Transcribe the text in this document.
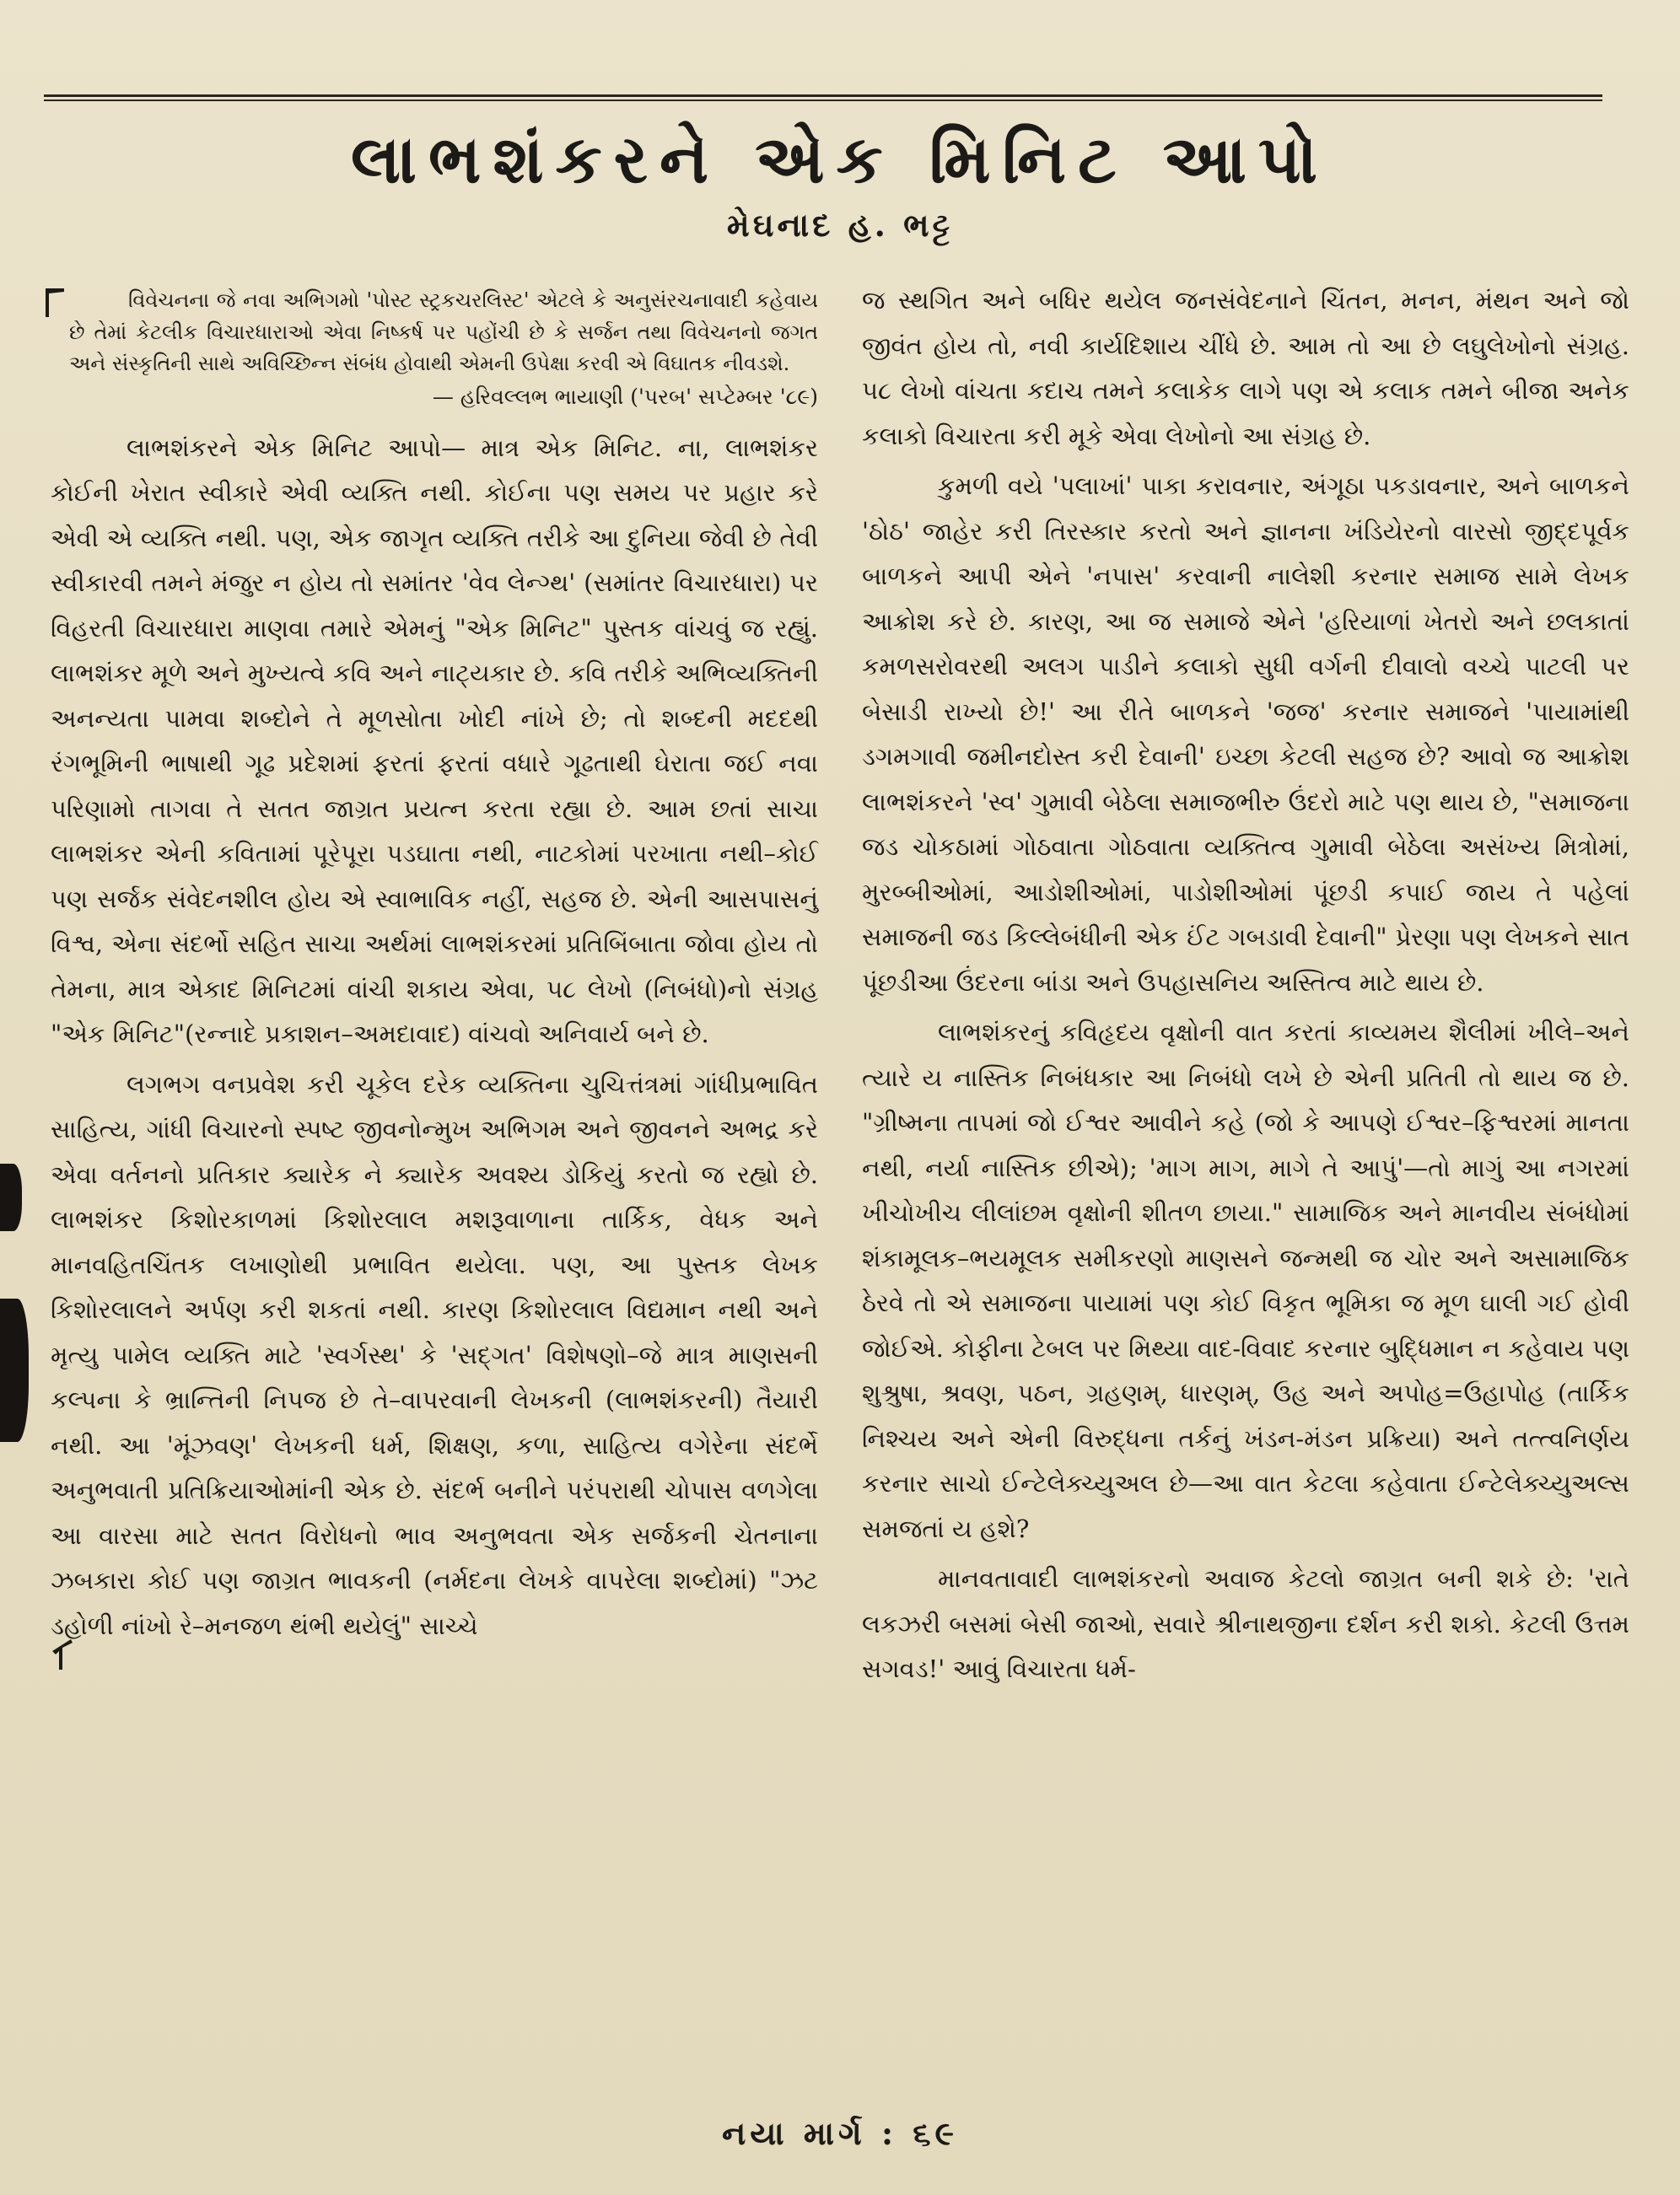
લાભશંકરને એક મિનિટ આપો
મેઘનાદ હ. ભટ્ટ

વિવેચનના જે નવા અભિગમો 'પોસ્ટ સ્ટ્રકચરલિસ્ટ' એટલે કે અનુસંરચનાવાદી કહેવાય છે તેમાં કેટલીક વિચારધારાઓ એવા નિષ્કર્ષ પર પહોંચી છે કે સર્જન તથા વિવેચનનો જગત અને સંસ્કૃતિની સાથે અવિચ્છિન્ન સંબંધ હોવાથી એમની ઉપેક્ષા કરવી એ વિઘાતક નીવડશે.

— હરિવલ્લભ ભાયાણી ('પરબ' સપ્ટેમ્બર '૮૯)

લાભશંકરને એક મિનિટ આપો— માત્ર એક મિનિટ. ના, લાભશંકર કોઈની ખેરાત સ્વીકારે એવી વ્યક્તિ નથી. કોઈના પણ સમય પર પ્રહાર કરે એવી એ વ્યક્તિ નથી. પણ, એક જાગૃત વ્યક્તિ તરીકે આ દુનિયા જેવી છે તેવી સ્વીકારવી તમને મંજુર ન હોય તો સમાંતર 'વેવ લેન્ગ્થ' (સમાંતર વિચારધારા) પર વિહરતી વિચારધારા માણવા તમારે એમનું "એક મિનિટ" પુસ્તક વાંચવું જ રહ્યું. લાભશંકર મૂળે અને મુખ્યત્વે કવિ અને નાટ્યકાર છે. કવિ તરીકે અભિવ્યક્તિની અનન્યતા પામવા શબ્દોને તે મૂળસોતા ખોદી નાંખે છે; તો શબ્દની મદદથી રંગભૂમિની ભાષાથી ગૂઢ પ્રદેશમાં ફરતાં ફરતાં વધારે ગૂઢતાથી ઘેરાતા જઈ નવા પરિણામો તાગવા તે સતત જાગ્રત પ્રયત્ન કરતા રહ્યા છે. આમ છતાં સાચા લાભશંકર એની કવિતામાં પૂરેપૂરા પડઘાતા નથી, નાટકોમાં પરખાતા નથી–કોઈ પણ સર્જક સંવેદનશીલ હોય એ સ્વાભાવિક નહીં, સહજ છે. એની આસપાસનું વિશ્વ, એના સંદર્ભો સહિત સાચા અર્થમાં લાભશંકરમાં પ્રતિબિંબાતા જોવા હોય તો તેમના, માત્ર એકાદ મિનિટમાં વાંચી શકાય એવા, ૫૮ લેખો (નિબંધો)નો સંગ્રહ "એક મિનિટ"(રન્નાદે પ્રકાશન–અમદાવાદ) વાંચવો અનિવાર્ય બને છે.

લગભગ વનપ્રવેશ કરી ચૂકેલ દરેક વ્યક્તિના ચુચિત્તંત્રમાં ગાંધીપ્રભાવિત સાહિત્ય, ગાંધી વિચારનો સ્પષ્ટ જીવનોન્મુખ અભિગમ અને જીવનને અભદ્ર કરે એવા વર્તનનો પ્રતિકાર ક્યારેક ને ક્યારેક અવશ્ય ડોકિયું કરતો જ રહ્યો છે. લાભશંકર કિશોરકાળમાં કિશોરલાલ મશરૂવાળાના તાર્કિક, વેધક અને માનવહિતચિંતક લખાણોથી પ્રભાવિત થયેલા. પણ, આ પુસ્તક લેખક કિશોરલાલને અર્પણ કરી શકતાં નથી. કારણ કિશોરલાલ વિદ્યમાન નથી અને મૃત્યુ પામેલ વ્યક્તિ માટે 'સ્વર્ગસ્થ' કે 'સદ્ગત' વિશેષણો–જે માત્ર માણસની કલ્પના કે ભ્રાન્તિની નિપજ છે તે–વાપરવાની લેખકની (લાભશંકરની) તૈયારી નથી. આ 'મૂંઝવણ' લેખકની ધર્મ, શિક્ષણ, કળા, સાહિત્ય વગેરેના સંદર્ભે અનુભવાતી પ્રતિક્રિયાઓમાંની એક છે. સંદર્ભ બનીને પરંપરાથી ચોપાસ વળગેલા આ વારસા માટે સતત વિરોધનો ભાવ અનુભવતા એક સર્જકની ચેતનાના ઝબકારા કોઈ પણ જાગ્રત ભાવકની (નર્મદના લેખકે વાપરેલા શબ્દોમાં) "ઝટ ડહોળી નાંખો રે–મનજળ થંભી થયેલું" સાચ્ચે

જ સ્થગિત અને બધિર થયેલ જનસંવેદનાને ચિંતન, મનન, મંથન અને જો જીવંત હોય તો, નવી કાર્યદિશાય ચીંધે છે. આમ તો આ છે લઘુલેખોનો સંગ્રહ. ૫૮ લેખો વાંચતા કદાચ તમને કલાકેક લાગે પણ એ કલાક તમને બીજા અનેક કલાકો વિચારતા કરી મૂકે એવા લેખોનો આ સંગ્રહ છે.

કુમળી વયે 'પલાખાં' પાકા કરાવનાર, અંગૂઠા પકડાવનાર, અને બાળકને 'ઠોઠ' જાહેર કરી તિરસ્કાર કરતો અને જ્ઞાનના ખંડિયેરનો વારસો જીદ્દપૂર્વક બાળકને આપી એને 'નપાસ' કરવાની નાલેશી કરનાર સમાજ સામે લેખક આક્રોશ કરે છે. કારણ, આ જ સમાજે એને 'હરિયાળાં ખેતરો અને છલકાતાં કમળસરોવરથી અલગ પાડીને કલાકો સુધી વર્ગની દીવાલો વચ્ચે પાટલી પર બેસાડી રાખ્યો છે!' આ રીતે બાળકને 'જજ' કરનાર સમાજને 'પાયામાંથી ડગમગાવી જમીનદોસ્ત કરી દેવાની' ઇચ્છા કેટલી સહજ છે? આવો જ આક્રોશ લાભશંકરને 'સ્વ' ગુમાવી બેઠેલા સમાજભીરુ ઉંદરો માટે પણ થાય છે, "સમાજના જડ ચોકઠામાં ગોઠવાતા ગોઠવાતા વ્યક્તિત્વ ગુમાવી બેઠેલા અસંખ્ય મિત્રોમાં, મુરબ્બીઓમાં, આડોશીઓમાં, પાડોશીઓમાં પૂંછડી કપાઈ જાય તે પહેલાં સમાજની જડ કિલ્લેબંધીની એક ઈંટ ગબડાવી દેવાની" પ્રેરણા પણ લેખકને સાત પૂંછડીઆ ઉંદરના બાંડા અને ઉપહાસનિય અસ્તિત્વ માટે થાય છે.

લાભશંકરનું કવિહૃદય વૃક્ષોની વાત કરતાં કાવ્યમય શૈલીમાં ખીલે–અને ત્યારે ય નાસ્તિક નિબંધકાર આ નિબંધો લખે છે એની પ્રતિતી તો થાય જ છે. "ગ્રીષ્મના તાપમાં જો ઈશ્વર આવીને કહે (જો કે આપણે ઈશ્વર–ફિશ્વરમાં માનતા નથી, નર્યા નાસ્તિક છીએ); 'માગ માગ, માગે તે આપું'—તો માગું આ નગરમાં ખીચોખીચ લીલાંછમ વૃક્ષોની શીતળ છાયા." સામાજિક અને માનવીય સંબંધોમાં શંકામૂલક–ભયમૂલક સમીકરણો માણસને જન્મથી જ ચોર અને અસામાજિક ઠેરવે તો એ સમાજના પાયામાં પણ કોઈ વિકૃત ભૂમિકા જ મૂળ ઘાલી ગઈ હોવી જોઈએ. કોફીના ટેબલ પર મિથ્યા વાદ-વિવાદ કરનાર બુદ્ધિમાન ન કહેવાય પણ શુશ્રુષા, શ્રવણ, પઠન, ગ્રહણમ્, ધારણમ્, ઉહ અને અપોહ=ઉહાપોહ (તાર્કિક નિશ્ચય અને એની વિરુદ્ધના તર્કનું ખંડન-મંડન પ્રક્રિયા) અને તત્ત્વનિર્ણય કરનાર સાચો ઈન્ટેલેક્ચ્યુઅલ છે—આ વાત કેટલા કહેવાતા ઈન્ટેલેક્ચ્યુઅલ્સ સમજતાં ય હશે?

માનવતાવાદી લાભશંકરનો અવાજ કેટલો જાગ્રત બની શકે છે: 'રાતે લકઝરી બસમાં બેસી જાઓ, સવારે શ્રીનાથજીના દર્શન કરી શકો. કેટલી ઉત્તમ સગવડ!' આવું વિચારતા ધર્મ-

નયા માર્ગ : ૬૯
